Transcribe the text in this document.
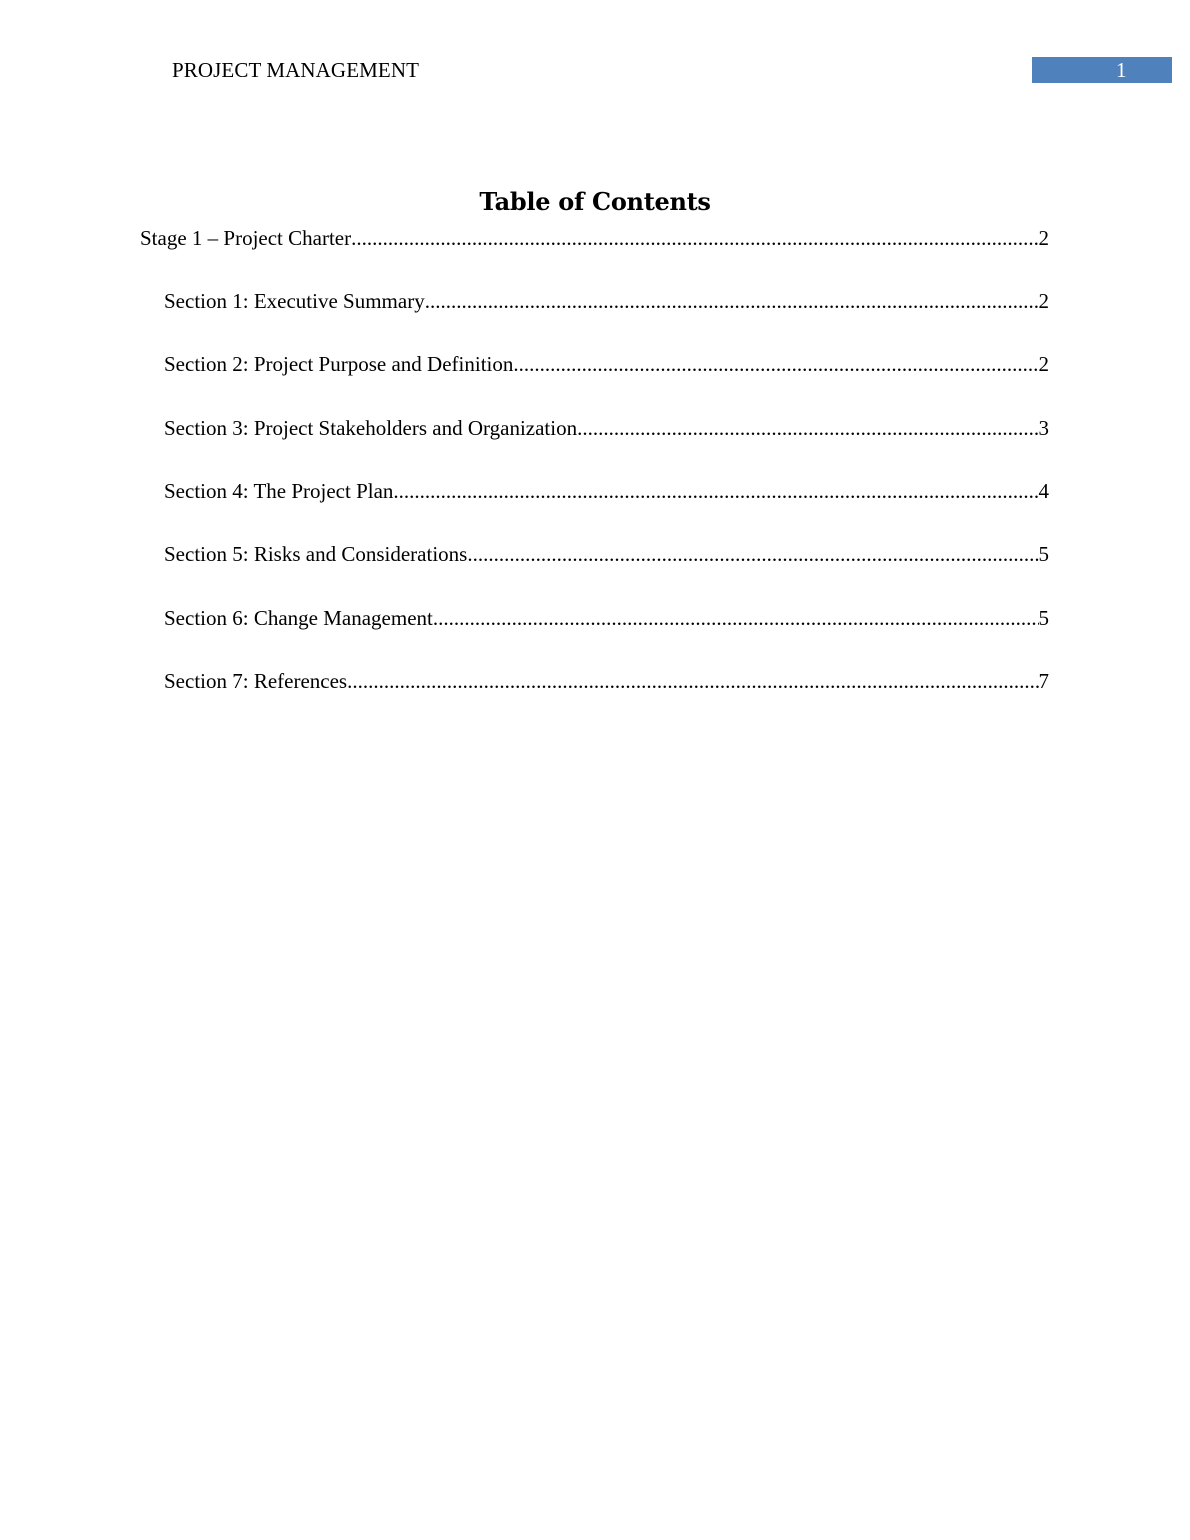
PROJECT MANAGEMENT	1
Table of Contents
Stage 1 – Project Charter .....	2
Section 1: Executive Summary .....	2
Section 2: Project Purpose and Definition .....	2
Section 3: Project Stakeholders and Organization .....	3
Section 4: The Project Plan .....	4
Section 5: Risks and Considerations .....	5
Section 6: Change Management .....	5
Section 7: References .....	7
